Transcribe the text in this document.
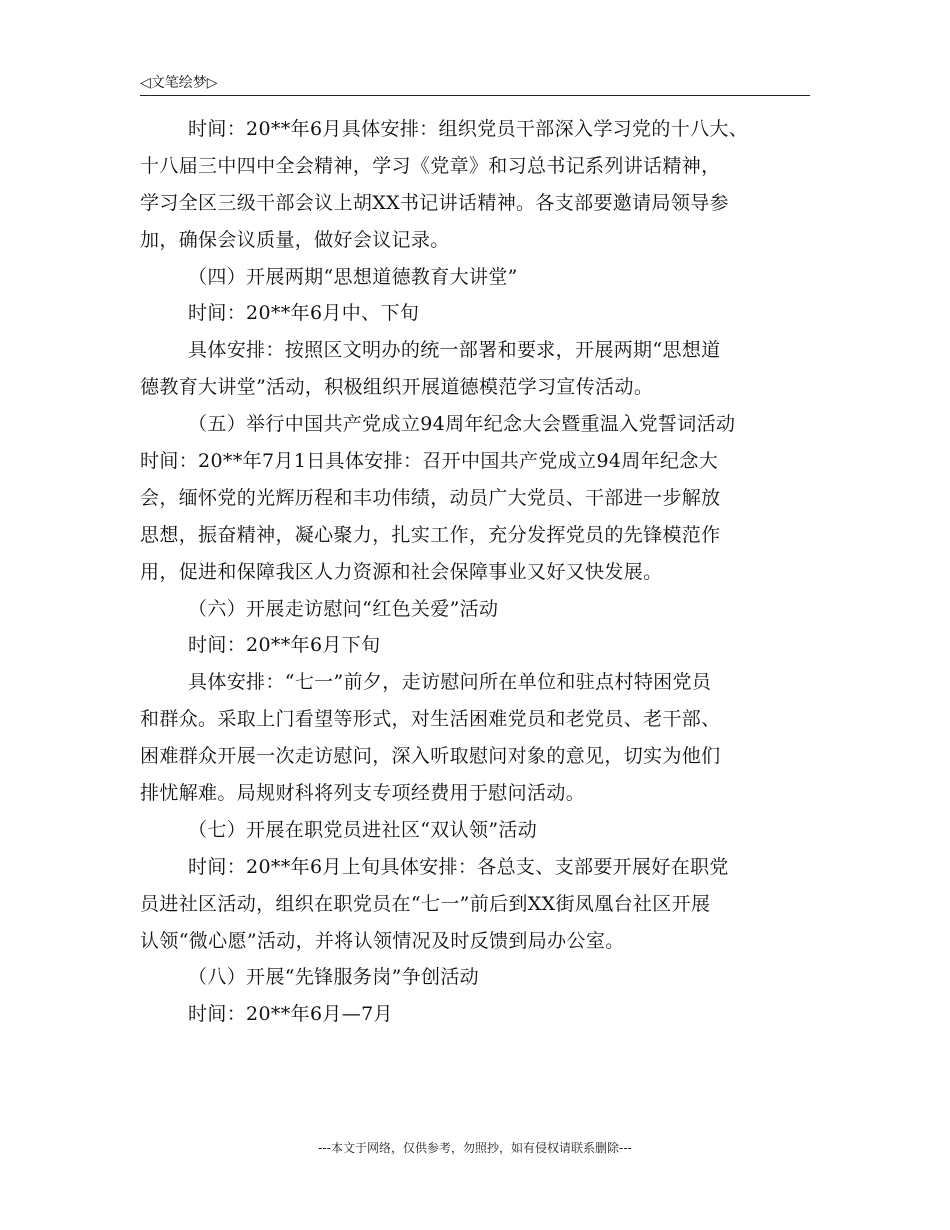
◁文笔绘梦▷
时间：20**年6月具体安排：组织党员干部深入学习党的十八大、
十八届三中四中全会精神，学习《党章》和习总书记系列讲话精神，
学习全区三级干部会议上胡XX书记讲话精神。各支部要邀请局领导参
加，确保会议质量，做好会议记录。
（四）开展两期“思想道德教育大讲堂”
时间：20**年6月中、下旬
具体安排：按照区文明办的统一部署和要求，开展两期“思想道
德教育大讲堂”活动，积极组织开展道德模范学习宣传活动。
（五）举行中国共产党成立94周年纪念大会暨重温入党誓词活动
时间：20**年7月1日具体安排：召开中国共产党成立94周年纪念大
会，缅怀党的光辉历程和丰功伟绩，动员广大党员、干部进一步解放
思想，振奋精神，凝心聚力，扎实工作，充分发挥党员的先锋模范作
用，促进和保障我区人力资源和社会保障事业又好又快发展。
（六）开展走访慰问“红色关爱”活动
时间：20**年6月下旬
具体安排：“七一”前夕，走访慰问所在单位和驻点村特困党员
和群众。采取上门看望等形式，对生活困难党员和老党员、老干部、
困难群众开展一次走访慰问，深入听取慰问对象的意见，切实为他们
排忧解难。局规财科将列支专项经费用于慰问活动。
（七）开展在职党员进社区“双认领”活动
时间：20**年6月上旬具体安排：各总支、支部要开展好在职党
员进社区活动，组织在职党员在“七一”前后到XX街凤凰台社区开展
认领“微心愿”活动，并将认领情况及时反馈到局办公室。
（八）开展“先锋服务岗”争创活动
时间：20**年6月—7月
---本文于网络，仅供参考，勿照抄，如有侵权请联系删除---
